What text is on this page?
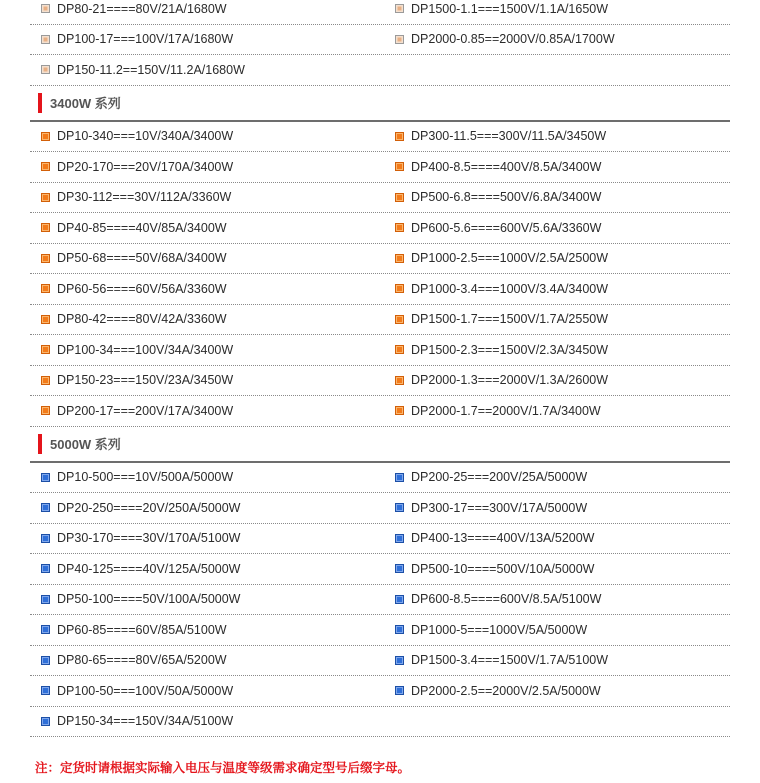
DP80-21====80V/21A/1680W	DP1500-1.1===1500V/1.1A/1650W
DP100-17===100V/17A/1680W	DP2000-0.85==2000V/0.85A/1700W
DP150-11.2==150V/11.2A/1680W
3400W 系列
DP10-340===10V/340A/3400W	DP300-11.5===300V/11.5A/3450W
DP20-170===20V/170A/3400W	DP400-8.5====400V/8.5A/3400W
DP30-112===30V/112A/3360W	DP500-6.8====500V/6.8A/3400W
DP40-85====40V/85A/3400W	DP600-5.6====600V/5.6A/3360W
DP50-68====50V/68A/3400W	DP1000-2.5===1000V/2.5A/2500W
DP60-56====60V/56A/3360W	DP1000-3.4===1000V/3.4A/3400W
DP80-42====80V/42A/3360W	DP1500-1.7===1500V/1.7A/2550W
DP100-34===100V/34A/3400W	DP1500-2.3===1500V/2.3A/3450W
DP150-23===150V/23A/3450W	DP2000-1.3===2000V/1.3A/2600W
DP200-17===200V/17A/3400W	DP2000-1.7==2000V/1.7A/3400W
5000W 系列
DP10-500===10V/500A/5000W	DP200-25===200V/25A/5000W
DP20-250====20V/250A/5000W	DP300-17===300V/17A/5000W
DP30-170====30V/170A/5100W	DP400-13====400V/13A/5200W
DP40-125====40V/125A/5000W	DP500-10====500V/10A/5000W
DP50-100====50V/100A/5000W	DP600-8.5====600V/8.5A/5100W
DP60-85====60V/85A/5100W	DP1000-5===1000V/5A/5000W
DP80-65====80V/65A/5200W	DP1500-3.4===1500V/1.7A/5100W
DP100-50===100V/50A/5000W	DP2000-2.5==2000V/2.5A/5000W
DP150-34===150V/34A/5100W
注：定货时请根据实际输入电压与温度等级需求确定型号后缀字母。
